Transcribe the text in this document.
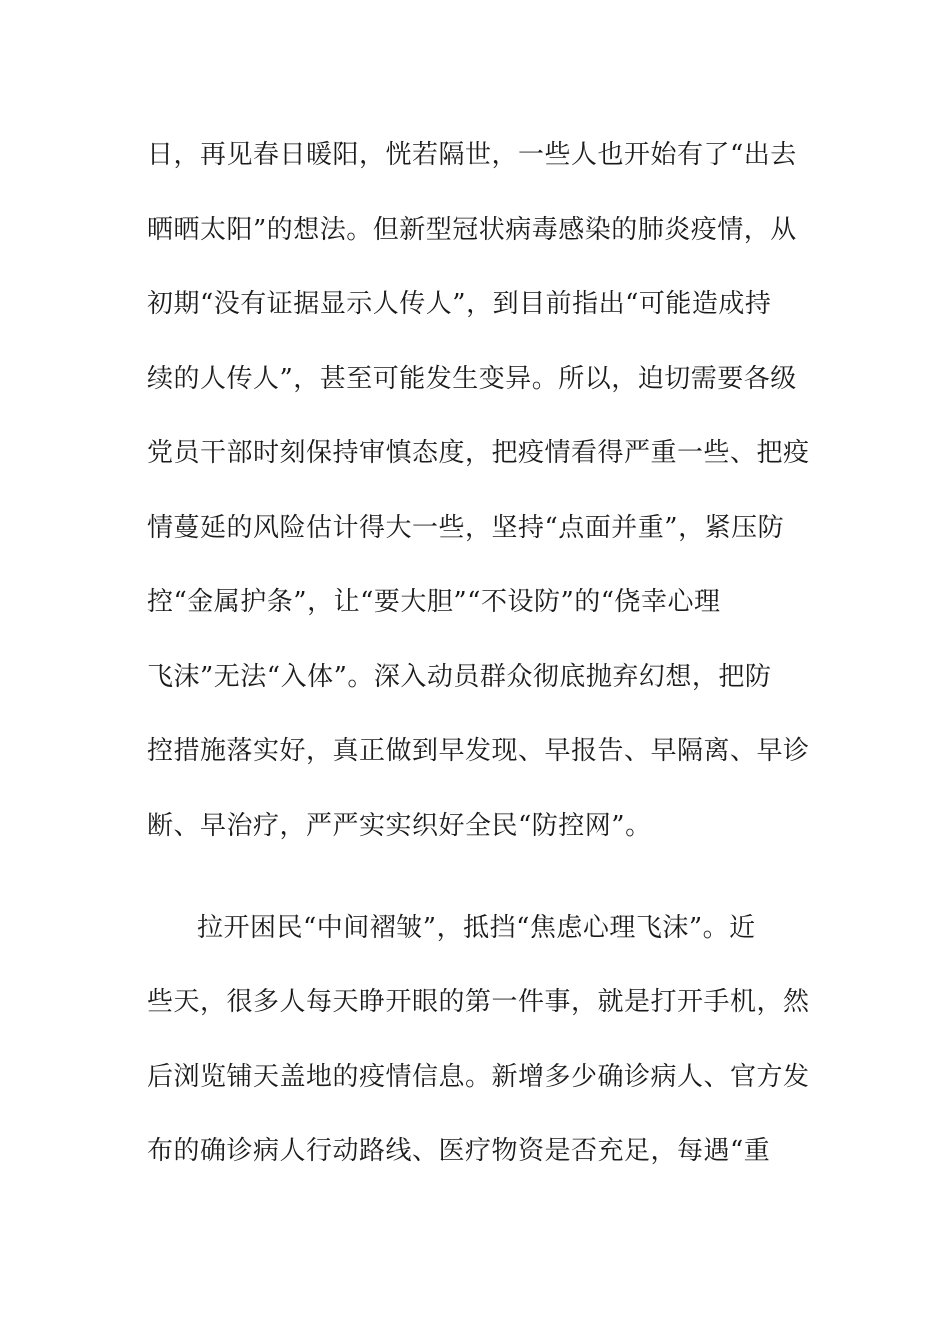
日，再见春日暖阳，恍若隔世，一些人也开始有了“出去

晒晒太阳”的想法。但新型冠状病毒感染的肺炎疫情，从

初期“没有证据显示人传人”，到目前指出“可能造成持

续的人传人”，甚至可能发生变异。所以，迫切需要各级

党员干部时刻保持审慎态度，把疫情看得严重一些、把疫

情蔓延的风险估计得大一些，坚持“点面并重”，紧压防

控“金属护条”，让“要大胆”“不设防”的“侥幸心理

飞沫”无法“入体”。深入动员群众彻底抛弃幻想，把防

控措施落实好，真正做到早发现、早报告、早隔离、早诊

断、早治疗，严严实实织好全民“防控网”。

拉开困民“中间褶皱”，抵挡“焦虑心理飞沫”。近

些天，很多人每天睁开眼的第一件事，就是打开手机，然

后浏览铺天盖地的疫情信息。新增多少确诊病人、官方发

布的确诊病人行动路线、医疗物资是否充足，每遇“重
